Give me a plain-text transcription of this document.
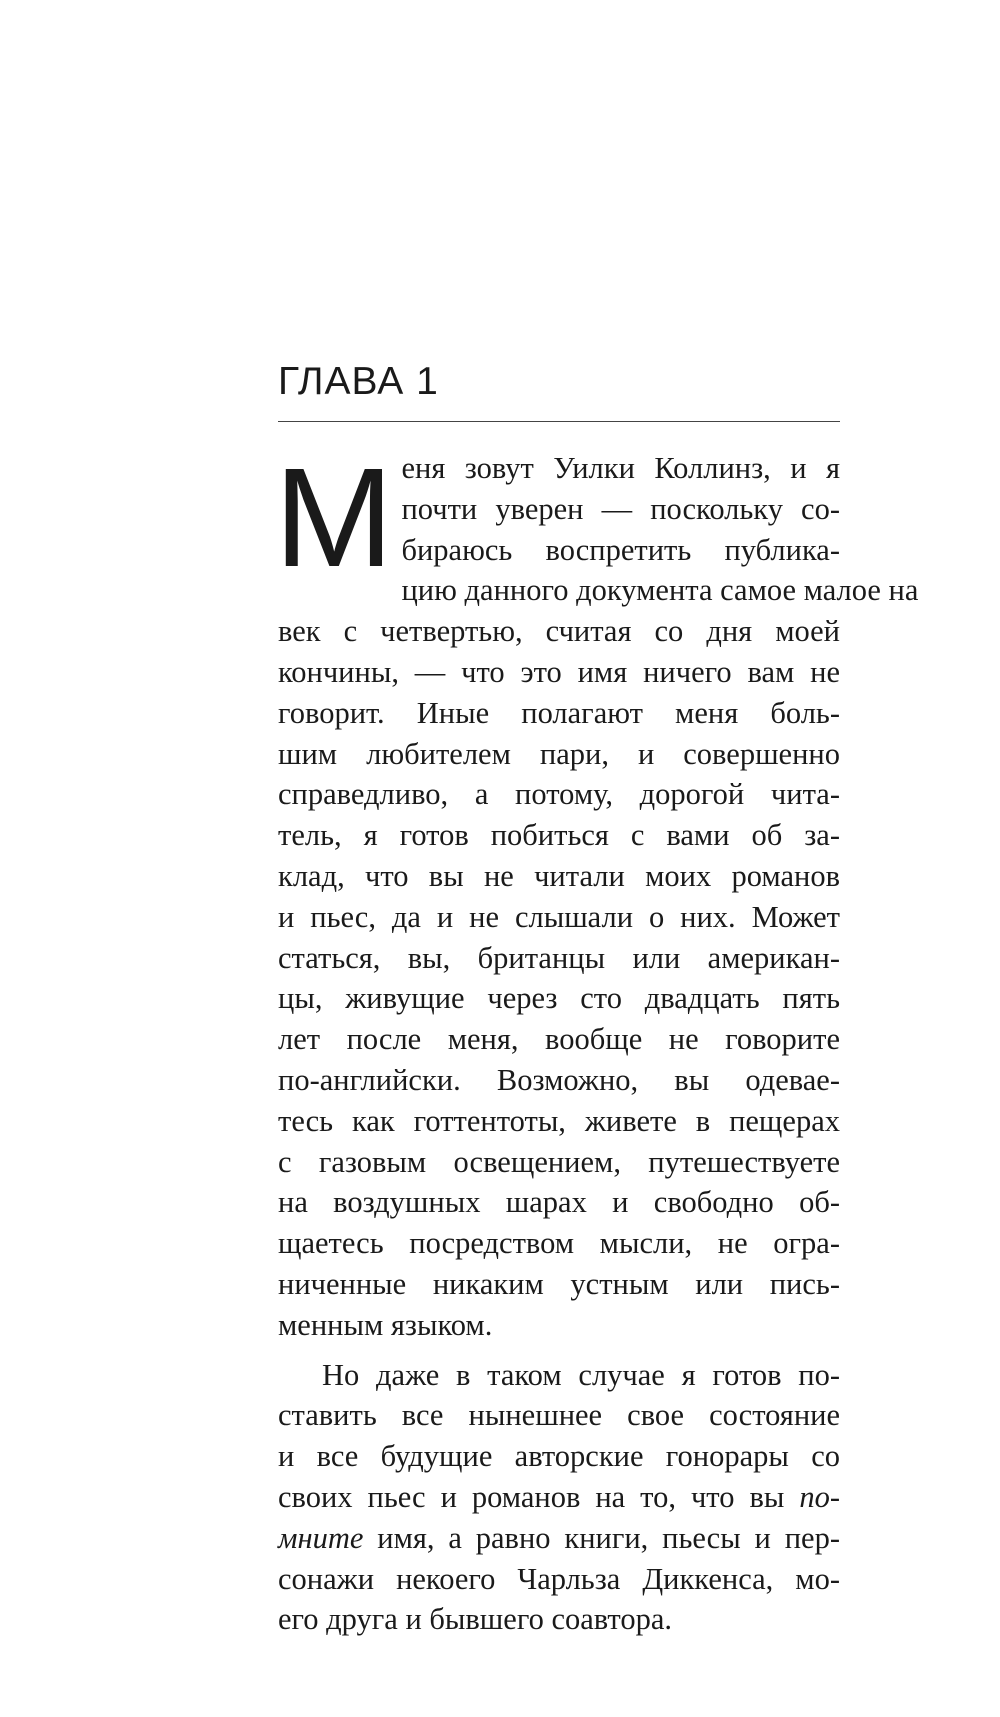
ГЛАВА 1
М еня зовут Уилки Коллинз, и я
почти уверен — поскольку со-
бираюсь воспретить публика-
цию данного документа самое малое на
век с четвертью, считая со дня моей
кончины, — что это имя ничего вам не
говорит. Иные полагают меня боль-
шим любителем пари, и совершенно
справедливо, а потому, дорогой чита-
тель, я готов побиться с вами об за-
клад, что вы не читали моих романов
и пьес, да и не слышали о них. Может
статься, вы, британцы или американ-
цы, живущие через сто двадцать пять
лет после меня, вообще не говорите
по-английски. Возможно, вы одевае-
тесь как готтентоты, живете в пещерах
с газовым освещением, путешествуете
на воздушных шарах и свободно об-
щаетесь посредством мысли, не огра-
ниченные никаким устным или пись-
менным языком.
Но даже в таком случае я готов по-
ставить все нынешнее свое состояние
и все будущие авторские гонорары со
своих пьес и романов на то, что вы по-
мните имя, а равно книги, пьесы и пер-
сонажи некоего Чарльза Диккенса, мо-
его друга и бывшего соавтора.
